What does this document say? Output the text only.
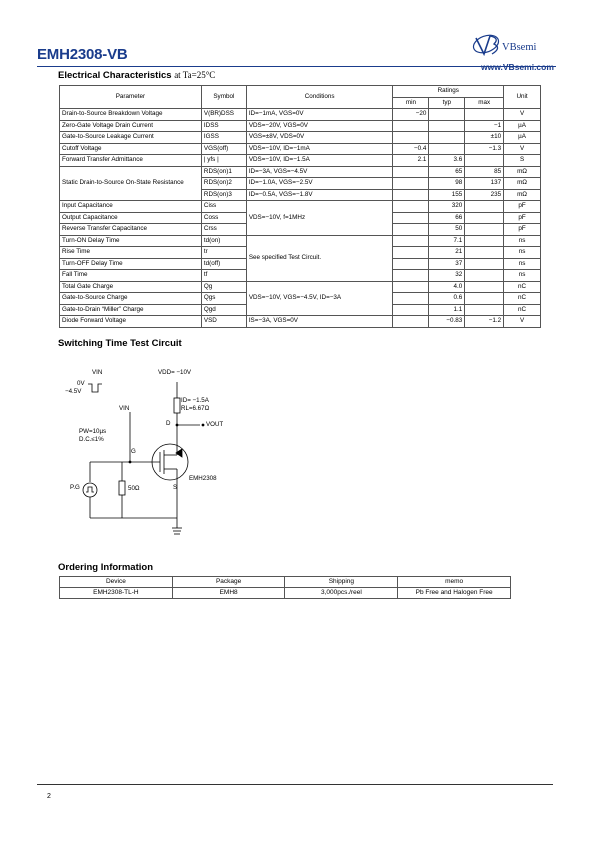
EMH2308-VB	VBsemi
www.VBsemi.com
Electrical Characteristics at Ta=25°C
Parameter	Symbol	Conditions	Ratings			Unit
			min	typ	max	
Drain-to-Source Breakdown Voltage	V(BR)DSS	ID=−1mA, VGS=0V	−20			V
Zero-Gate Voltage Drain Current	IDSS	VDS=−20V, VGS=0V			−1	µA
Gate-to-Source Leakage Current	IGSS	VGS=±8V, VDS=0V			±10	µA
Cutoff Voltage	VGS(off)	VDS=−10V, ID=−1mA	−0.4		−1.3	V
Forward Transfer Admittance	| yfs |	VDS=−10V, ID=−1.5A	2.1	3.6		S
Static Drain-to-Source On-State Resistance	RDS(on)1	ID=−3A, VGS=−4.5V		65	85	mΩ
	RDS(on)2	ID=−1.0A, VGS=−2.5V		98	137	mΩ
	RDS(on)3	ID=−0.5A, VGS=−1.8V		155	235	mΩ
Input Capacitance	Ciss	VDS=−10V, f=1MHz		320		pF
Output Capacitance	Coss			66		pF
Reverse Transfer Capacitance	Crss			50		pF
Turn-ON Delay Time	td(on)	See specified Test Circuit.		7.1		ns
Rise Time	tr			21		ns
Turn-OFF Delay Time	td(off)			37		ns
Fall Time	tf			32		ns
Total Gate Charge	Qg	VDS=−10V, VGS=−4.5V, ID=−3A		4.0		nC
Gate-to-Source Charge	Qgs			0.6		nC
Gate-to-Drain “Miller” Charge	Qgd			1.1		nC
Diode Forward Voltage	VSD	IS=−3A, VGS=0V		−0.83	−1.2	V
Switching Time Test Circuit
VIN
0V
−4.5V
VIN
VDD= −10V
ID= −1.5A
RL=6.67Ω
D	VOUT
PW=10µs
D.C.≤1%
G
EMH2308
S
P.G	50Ω
Ordering Information
Device	Package	Shipping	memo
EMH2308-TL-H	EMH8	3,000pcs./reel	Pb Free and Halogen Free
2
